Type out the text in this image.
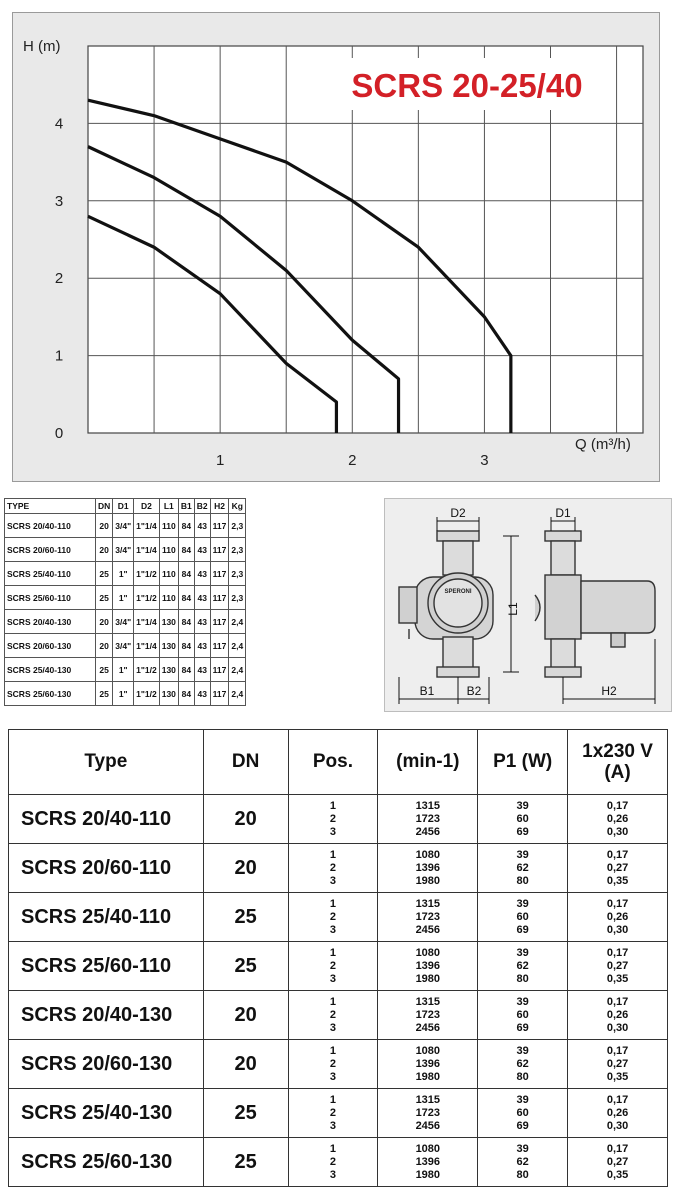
1	2	3
0
1
2
3
4
SCRS 20-25/40
H (m)
Q (m³/h)
TYPE	DN	D1	D2	L1	B1	B2	H2	Kg
SCRS 20/40-110	20	3/4"	1"1/4	110	84	43	117	2,3
SCRS 20/60-110	20	3/4"	1"1/4	110	84	43	117	2,3
SCRS 25/40-110	25	1"	1"1/2	110	84	43	117	2,3
SCRS 25/60-110	25	1"	1"1/2	110	84	43	117	2,3
SCRS 20/40-130	20	3/4"	1"1/4	130	84	43	117	2,4
SCRS 20/60-130	20	3/4"	1"1/4	130	84	43	117	2,4
SCRS 25/40-130	25	1"	1"1/2	130	84	43	117	2,4
SCRS 25/60-130	25	1"	1"1/2	130	84	43	117	2,4
SPERONI
D2
L1
B1	B2
D1
H2
Type	DN	Pos.	(min-1)	P1 (W)	1x230 V
(A)
SCRS 20/40-110	20	1
2
3	1315
1723
2456	39
60
69	0,17
0,26
0,30

SCRS 20/60-110	20	1
2
3	1080
1396
1980	39
62
80	0,17
0,27
0,35

SCRS 25/40-110	25	1
2
3	1315
1723
2456	39
60
69	0,17
0,26
0,30

SCRS 25/60-110	25	1
2
3	1080
1396
1980	39
62
80	0,17
0,27
0,35

SCRS 20/40-130	20	1
2
3	1315
1723
2456	39
60
69	0,17
0,26
0,30

SCRS 20/60-130	20	1
2
3	1080
1396
1980	39
62
80	0,17
0,27
0,35

SCRS 25/40-130	25	1
2
3	1315
1723
2456	39
60
69	0,17
0,26
0,30

SCRS 25/60-130	25	1
2
3	1080
1396
1980	39
62
80	0,17
0,27
0,35
